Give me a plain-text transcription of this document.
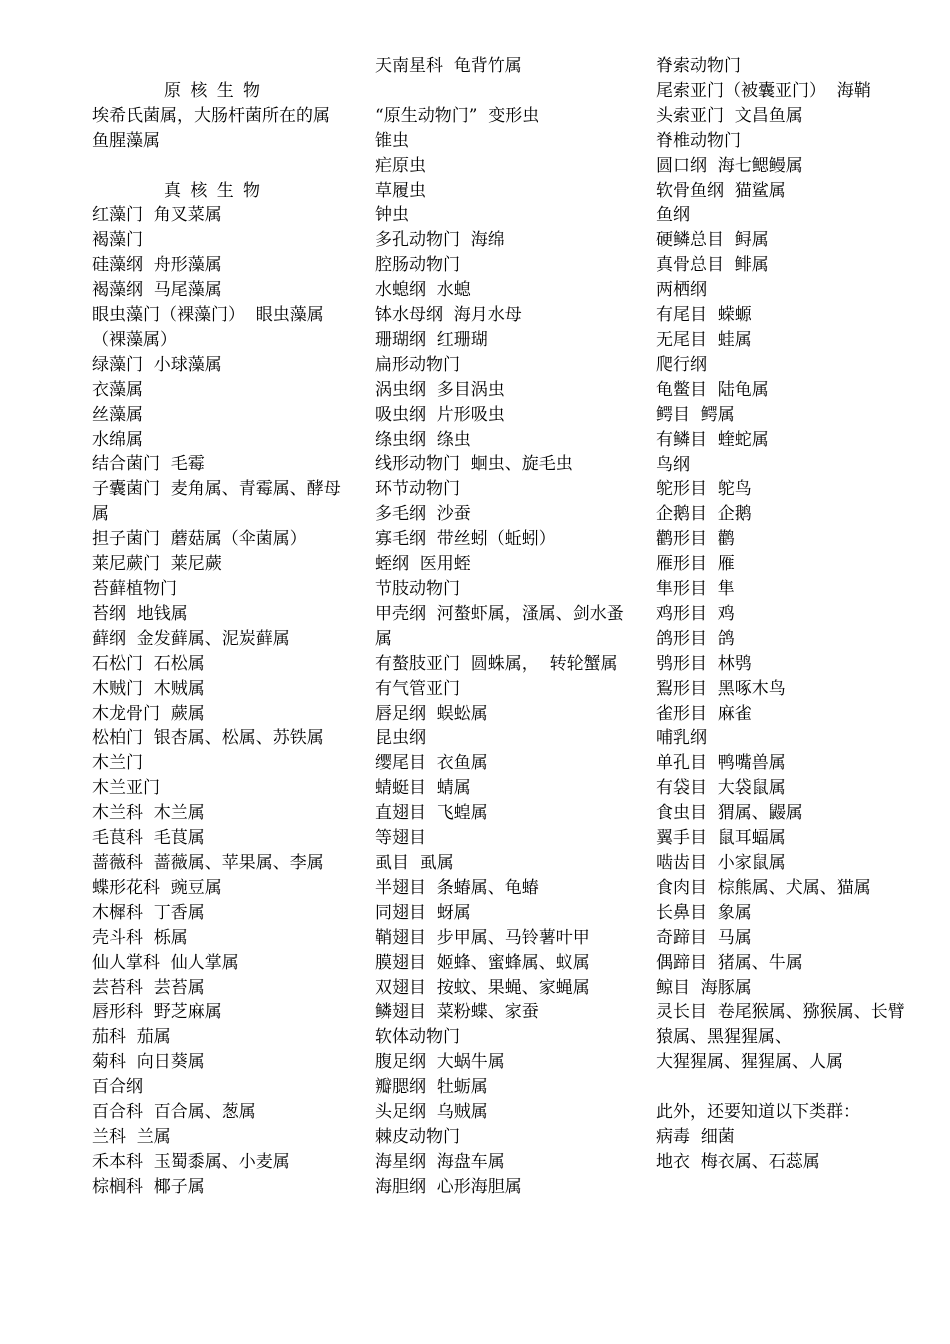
原核生物
埃希氏菌属，大肠杆菌所在的属
鱼腥藻属
真核生物
红藻门  角叉菜属
褐藻门
硅藻纲  舟形藻属
褐藻纲  马尾藻属
眼虫藻门（裸藻门）  眼虫藻属（裸藻属）
绿藻门  小球藻属
衣藻属
丝藻属
水绵属
结合菌门  毛霉
子囊菌门  麦角属、青霉属、酵母属
担子菌门  蘑菇属（伞菌属）
莱尼蕨门  莱尼蕨
苔藓植物门
苔纲  地钱属
藓纲  金发藓属、泥炭藓属
石松门  石松属
木贼门  木贼属
木龙骨门  蕨属
松柏门  银杏属、松属、苏铁属
木兰门
木兰亚门
木兰科  木兰属
毛茛科  毛茛属
蔷薇科  蔷薇属、苹果属、李属
蝶形花科  豌豆属
木樨科  丁香属
壳斗科  栎属
仙人掌科  仙人掌属
芸苔科  芸苔属
唇形科  野芝麻属
茄科  茄属
菊科  向日葵属
百合纲
百合科  百合属、葱属
兰科  兰属
禾本科  玉蜀黍属、小麦属
棕榈科  椰子属
天南星科  龟背竹属
“原生动物门”  变形虫
锥虫
疟原虫
草履虫
钟虫
多孔动物门  海绵
腔肠动物门
水螅纲  水螅
钵水母纲  海月水母
珊瑚纲  红珊瑚
扁形动物门
涡虫纲  多目涡虫
吸虫纲  片形吸虫
绦虫纲  绦虫
线形动物门  蛔虫、旋毛虫
环节动物门
多毛纲  沙蚕
寡毛纲  带丝蚓（蚯蚓）
蛭纲  医用蛭
节肢动物门
甲壳纲  河螯虾属，溞属、剑水蚤属
有螯肢亚门  圆蛛属，  转轮蟹属
有气管亚门
唇足纲  蜈蚣属
昆虫纲
缨尾目  衣鱼属
蜻蜓目  蜻属
直翅目  飞蝗属
等翅目
虱目  虱属
半翅目  条蝽属、龟蝽
同翅目  蚜属
鞘翅目  步甲属、马铃薯叶甲
膜翅目  姬蜂、蜜蜂属、蚁属
双翅目  按蚊、果蝇、家蝇属
鳞翅目  菜粉蝶、家蚕
软体动物门
腹足纲  大蜗牛属
瓣腮纲  牡蛎属
头足纲  乌贼属
棘皮动物门
海星纲  海盘车属
海胆纲  心形海胆属
脊索动物门
尾索亚门（被囊亚门）  海鞘
头索亚门  文昌鱼属
脊椎动物门
圆口纲  海七鳃鳗属
软骨鱼纲  猫鲨属
鱼纲
硬鳞总目  鲟属
真骨总目  鲱属
两栖纲
有尾目  蝾螈
无尾目  蛙属
爬行纲
龟鳖目  陆龟属
鳄目  鳄属
有鳞目  蝰蛇属
鸟纲
鸵形目  鸵鸟
企鹅目  企鹅
鹳形目  鹳
雁形目  雁
隼形目  隼
鸡形目  鸡
鸽形目  鸽
鸮形目  林鸮
鴷形目  黑啄木鸟
雀形目  麻雀
哺乳纲
单孔目  鸭嘴兽属
有袋目  大袋鼠属
食虫目  猬属、鼹属
翼手目  鼠耳蝠属
啮齿目  小家鼠属
食肉目  棕熊属、犬属、猫属
长鼻目  象属
奇蹄目  马属
偶蹄目  猪属、牛属
鲸目  海豚属
灵长目  卷尾猴属、猕猴属、长臂猿属、黑猩猩属、
大猩猩属、猩猩属、人属
此外，还要知道以下类群：
病毒  细菌
地衣  梅衣属、石蕊属
